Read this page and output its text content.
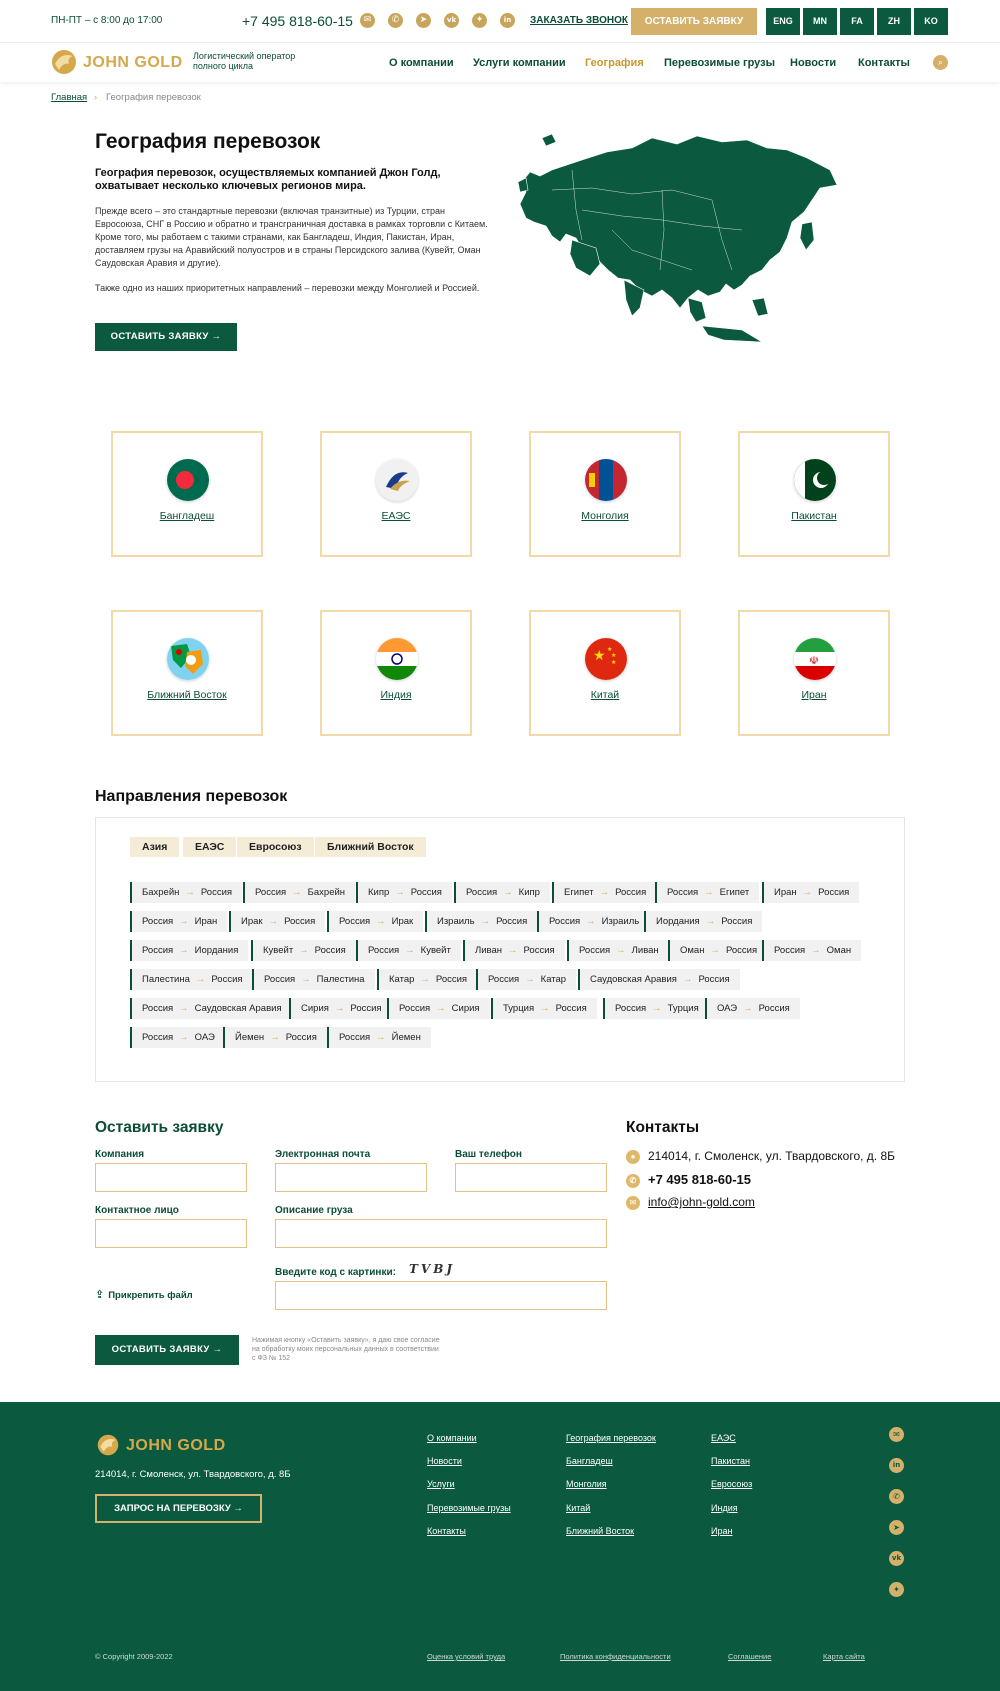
ПН-ПТ – с 8:00 до 17:00	+7 495 818-60-15	✉	✆	➤	vk	✦	in	ЗАКАЗАТЬ ЗВОНОК	ОСТАВИТЬ ЗАЯВКУ	ENG	MN	FA	ZH	KO
JOHN GOLD Логистический оператор полного цикла	О компании Услуги компании География Перевозимые грузы Новости Контакты	⌕
Главная › География перевозок
География перевозок

География перевозок, осуществляемых компанией Джон Голд, охватывает несколько ключевых регионов мира.

Прежде всего – это стандартные перевозки (включая транзитные) из Турции, стран Евросоюза, СНГ в Россию и обратно и трансграничная доставка в рамках торговли с Китаем. Кроме того, мы работаем с такими странами, как Бангладеш, Индия, Пакистан, Иран, доставляем грузы на Аравийский полуостров и в страны Персидского залива (Кувейт, Оман Саудовская Аравия и другие).

Также одно из наших приоритетных направлений – перевозки между Монголией и Россией.

ОСТАВИТЬ ЗАЯВКУ →
Бангладеш	ЕАЭС	Монголия	Пакистан
Ближний Восток	Индия
★ ★
★
★
Китай
☫
Иран
Направления перевозок
Азия	ЕАЭС	Евросоюз	Ближний Восток
Бахрейн → Россия	Россия → Бахрейн	Кипр → Россия	Россия → Кипр	Египет → Россия	Россия → Египет	Иран → Россия
Россия → Иран	Ирак → Россия	Россия → Ирак	Израиль → Россия	Россия → Израиль	Иордания → Россия
Россия → Иордания	Кувейт → Россия	Россия → Кувейт	Ливан → Россия	Россия → Ливан	Оман → Россия	Россия → Оман
Палестина → Россия	Россия → Палестина	Катар → Россия	Россия → Катар	Саудовская Аравия → Россия
Россия → Саудовская Аравия	Сирия → Россия	Россия → Сирия	Турция → Россия	Россия → Турция	ОАЭ → Россия
Россия → ОАЭ	Йемен → Россия	Россия → Йемен
Оставить заявку
Компания	Электронная почта	Ваш телефон
Контактное лицо	Описание груза
Введите код с картинки: TVBJ
⇪ Прикрепить файл
ОСТАВИТЬ ЗАЯВКУ →

Нажимая кнопку «Оставить заявку», я даю свое согласие на обработку моих персональных данных в соответствии с ФЗ № 152

Контакты
● 214014, г. Смоленск, ул. Твардовского, д. 8Б
✆ +7 495 818-60-15
✉ info@john-gold.com
JOHN GOLD
214014, г. Смоленск, ул. Твардовского, д. 8Б
ЗАПРОС НА ПЕРЕВОЗКУ →
О компании
Новости
Услуги
Перевозимые грузы
Контакты
География перевозок
Бангладеш
Монголия
Китай
Ближний Восток
ЕАЭС
Пакистан
Евросоюз
Индия
Иран
✉
in
✆
➤
vk
✦
© Copyright 2009-2022	Оценка условий труда	Политика конфиденциальности	Соглашение	Карта сайта
